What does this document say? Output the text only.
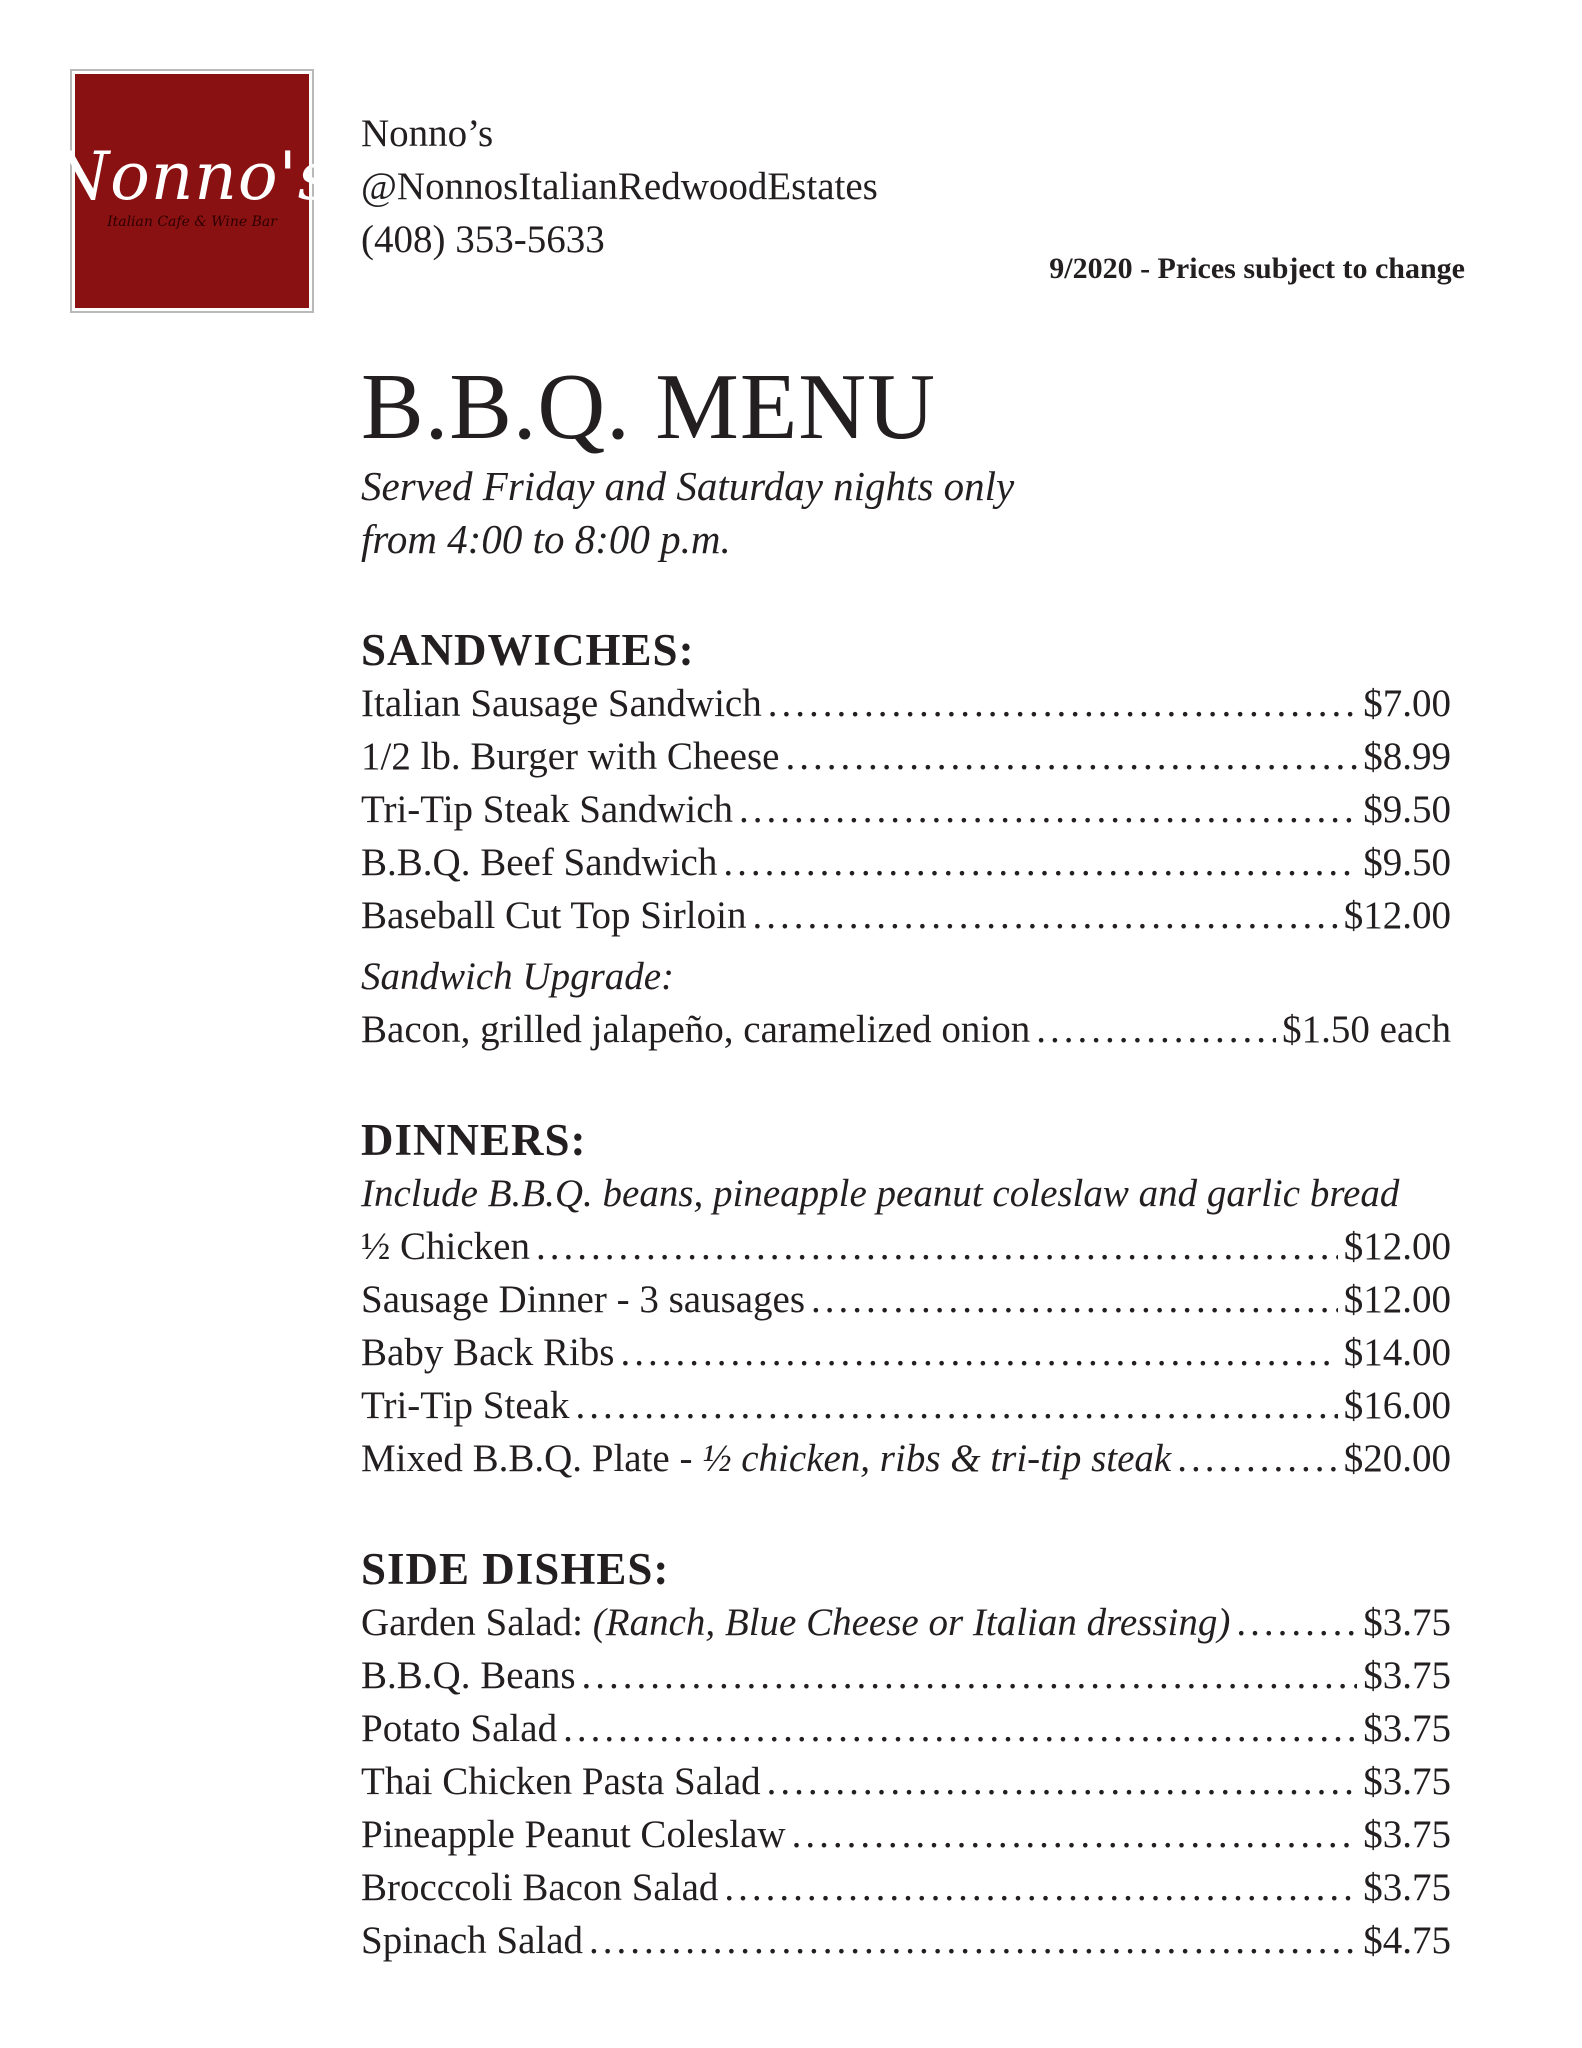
Nonno's
Italian Cafe & Wine Bar
Nonno’s
@NonnosItalianRedwoodEstates
(408) 353-5633
9/2020 - Prices subject to change
B.B.Q. MENU
Served Friday and Saturday nights only
from 4:00 to 8:00 p.m.
SANDWICHES:
Italian Sausage Sandwich .....	$7.00
1/2 lb. Burger with Cheese .....	$8.99
Tri-Tip Steak Sandwich .....	$9.50
B.B.Q. Beef Sandwich .....	$9.50
Baseball Cut Top Sirloin .....	$12.00
Sandwich Upgrade:
Bacon, grilled jalapeño, caramelized onion .....	$1.50 each
DINNERS:
Include B.B.Q. beans, pineapple peanut coleslaw and garlic bread
½ Chicken .....	$12.00
Sausage Dinner - 3 sausages .....	$12.00
Baby Back Ribs .....	$14.00
Tri-Tip Steak .....	$16.00
Mixed B.B.Q. Plate - ½ chicken, ribs & tri-tip steak .....	$20.00
SIDE DISHES:
Garden Salad: (Ranch, Blue Cheese or Italian dressing) .....	$3.75
B.B.Q. Beans .....	$3.75
Potato Salad .....	$3.75
Thai Chicken Pasta Salad .....	$3.75
Pineapple Peanut Coleslaw .....	$3.75
Brocccoli Bacon Salad .....	$3.75
Spinach Salad .....	$4.75
